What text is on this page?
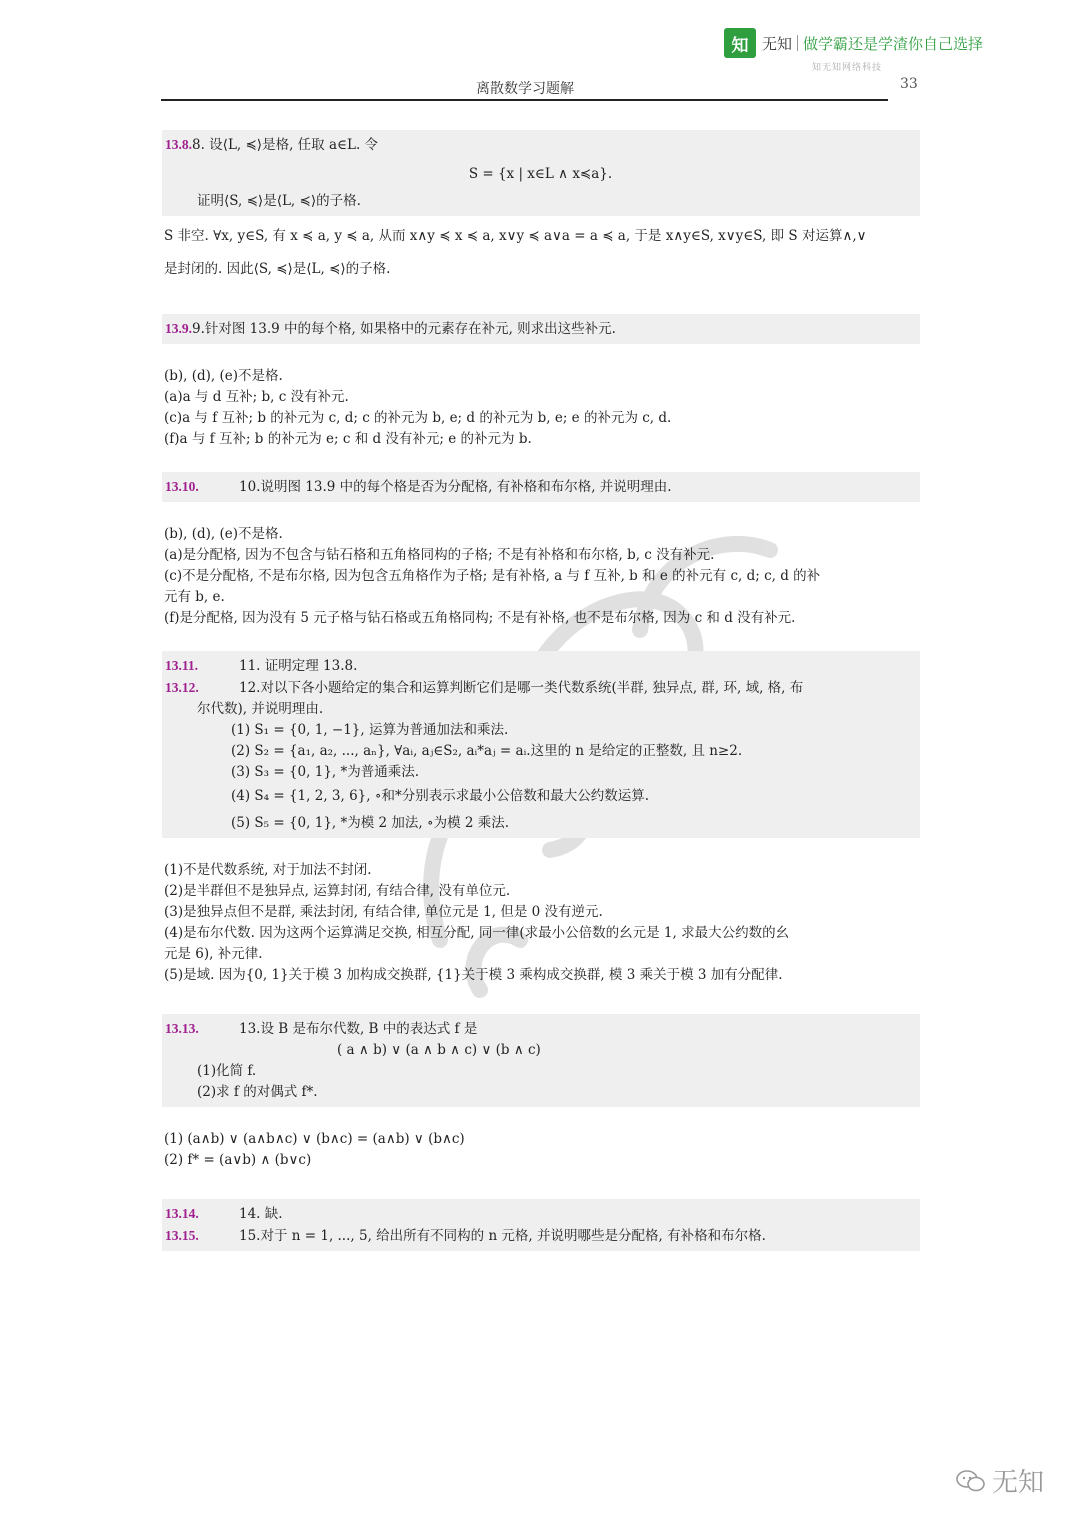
知 无知 做学霸还是学渣你自己选择
知无知网络科技
离散数学习题解	33
13.8.8. 设⟨L, ≼⟩是格, 任取 a∈L. 令
S = {x | x∈L ∧ x≼a}.
证明⟨S, ≼⟩是⟨L, ≼⟩的子格.
S 非空. ∀x, y∈S, 有 x ≼ a, y ≼ a, 从而 x∧y ≼ x ≼ a, x∨y ≼ a∨a = a ≼ a, 于是 x∧y∈S, x∨y∈S, 即 S 对运算∧,∨
是封闭的. 因此⟨S, ≼⟩是⟨L, ≼⟩的子格.
13.9.9.针对图 13.9 中的每个格, 如果格中的元素存在补元, 则求出这些补元.
(b), (d), (e)不是格.
(a)a 与 d 互补; b, c 没有补元.
(c)a 与 f 互补; b 的补元为 c, d; c 的补元为 b, e; d 的补元为 b, e; e 的补元为 c, d.
(f)a 与 f 互补; b 的补元为 e; c 和 d 没有补元; e 的补元为 b.
13.10.	10.说明图 13.9 中的每个格是否为分配格, 有补格和布尔格, 并说明理由.
(b), (d), (e)不是格.
(a)是分配格, 因为不包含与钻石格和五角格同构的子格; 不是有补格和布尔格, b, c 没有补元.
(c)不是分配格, 不是布尔格, 因为包含五角格作为子格; 是有补格, a 与 f 互补, b 和 e 的补元有 c, d; c, d 的补
元有 b, e.
(f)是分配格, 因为没有 5 元子格与钻石格或五角格同构; 不是有补格, 也不是布尔格, 因为 c 和 d 没有补元.
13.11.	11. 证明定理 13.8.
13.12.	12.对以下各小题给定的集合和运算判断它们是哪一类代数系统(半群, 独异点, 群, 环, 域, 格, 布
尔代数), 并说明理由.
(1) S₁ = {0, 1, −1}, 运算为普通加法和乘法.
(2) S₂ = {a₁, a₂, ..., aₙ}, ∀aᵢ, aⱼ∈S₂, aᵢ*aⱼ = aᵢ.这里的 n 是给定的正整数, 且 n≥2.
(3) S₃ = {0, 1}, *为普通乘法.
(4) S₄ = {1, 2, 3, 6}, ∘和*分别表示求最小公倍数和最大公约数运算.
(5) S₅ = {0, 1}, *为模 2 加法, ∘为模 2 乘法.
(1)不是代数系统, 对于加法不封闭.
(2)是半群但不是独异点, 运算封闭, 有结合律, 没有单位元.
(3)是独异点但不是群, 乘法封闭, 有结合律, 单位元是 1, 但是 0 没有逆元.
(4)是布尔代数. 因为这两个运算满足交换, 相互分配, 同一律(求最小公倍数的幺元是 1, 求最大公约数的幺
元是 6), 补元律.
(5)是域. 因为{0, 1}关于模 3 加构成交换群, {1}关于模 3 乘构成交换群, 模 3 乘关于模 3 加有分配律.
13.13.	13.设 B 是布尔代数, B 中的表达式 f 是
( a ∧ b) ∨ (a ∧ b ∧ c) ∨ (b ∧ c)
(1)化简 f.
(2)求 f 的对偶式 f*.
(1) (a∧b) ∨ (a∧b∧c) ∨ (b∧c) = (a∧b) ∨ (b∧c)
(2) f* = (a∨b) ∧ (b∨c)
13.14.	14. 缺.
13.15.	15.对于 n = 1, ..., 5, 给出所有不同构的 n 元格, 并说明哪些是分配格, 有补格和布尔格.
无知
